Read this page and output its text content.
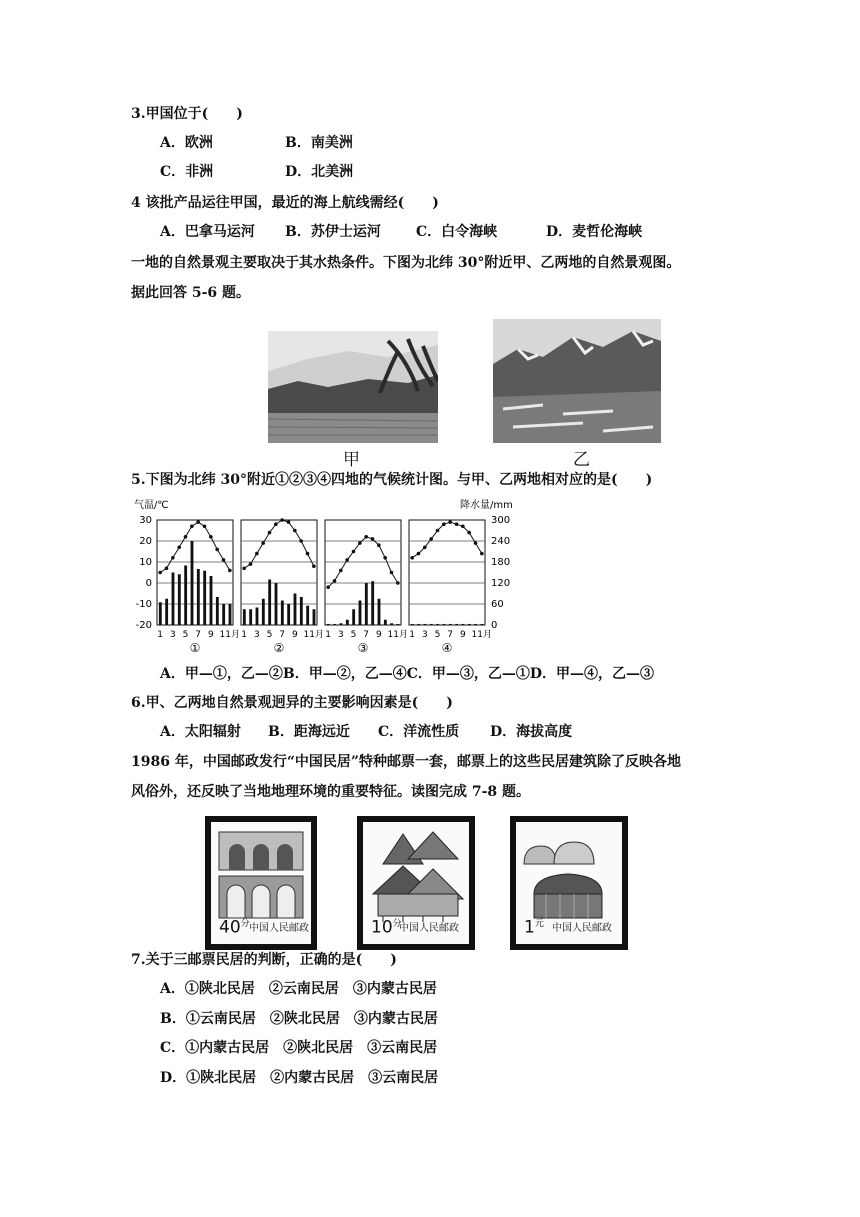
3.甲国位于(　　)
A．欧洲	B．南美洲
C．非洲	D．北美洲
4 该批产品运往甲国，最近的海上航线需经(　　)
A．巴拿马运河 B．苏伊士运河	C．白令海峡	D．麦哲伦海峡
一地的自然景观主要取决于其水热条件。下图为北纬 30°附近甲、乙两地的自然景观图。
据此回答 5-6 题。
甲	乙
5.下图为北纬 30°附近①②③④四地的气候统计图。与甲、乙两地相对应的是(　　)
气温/℃	降水量/mm
30
20
10
0
-10
-20
300
240
180
120
60
0
1 3 5 7 9 11月
①
1 3 5 7 9 11月
②
1 3 5 7 9 11月
③
1 3 5 7 9 11月
④
A．甲—①，乙—②B．甲—②，乙—④C．甲—③，乙—①D．甲—④，乙—③
6.甲、乙两地自然景观迥异的主要影响因素是(　　)
A．太阳辐射 B．距海远近 C．洋流性质 D．海拔高度
1986 年，中国邮政发行“中国民居”特种邮票一套，邮票上的这些民居建筑除了反映各地
风俗外，还反映了当地地理环境的重要特征。读图完成 7-8 题。
$40^分$ 中国人民邮政	$10^分$
中国人民邮政	$1^元$ 中国人民邮政
7.关于三邮票民居的判断，正确的是(　　)
A．①陕北民居　②云南民居　③内蒙古民居
B．①云南民居　②陕北民居　③内蒙古民居
C．①内蒙古民居　②陕北民居　③云南民居
D．①陕北民居　②内蒙古民居　③云南民居
